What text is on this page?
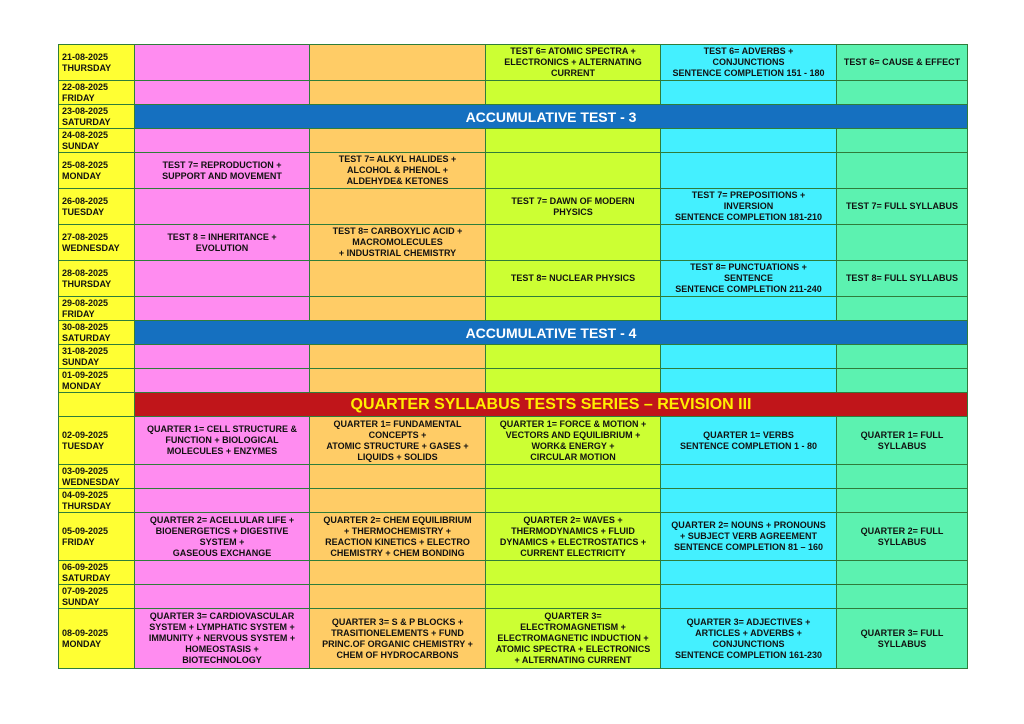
21-08-2025
THURSDAY			TEST 6= ATOMIC SPECTRA +
ELECTRONICS + ALTERNATING
CURRENT	TEST 6= ADVERBS +
CONJUNCTIONS
SENTENCE COMPLETION 151 - 180	TEST 6= CAUSE & EFFECT

22-08-2025
FRIDAY					

23-08-2025
SATURDAY	ACCUMULATIVE TEST - 3				

24-08-2025
SUNDAY					

25-08-2025
MONDAY	TEST 7= REPRODUCTION +
SUPPORT AND MOVEMENT	TEST 7= ALKYL HALIDES +
ALCOHOL & PHENOL +
ALDEHYDE& KETONES			

26-08-2025
TUESDAY			TEST 7= DAWN OF MODERN
PHYSICS	TEST 7= PREPOSITIONS +
INVERSION
SENTENCE COMPLETION 181-210	TEST 7= FULL SYLLABUS

27-08-2025
WEDNESDAY	TEST 8 = INHERITANCE +
EVOLUTION	TEST 8= CARBOXYLIC ACID +
MACROMOLECULES
+ INDUSTRIAL CHEMISTRY			

28-08-2025
THURSDAY			TEST 8= NUCLEAR PHYSICS	TEST 8= PUNCTUATIONS +
SENTENCE
SENTENCE COMPLETION 211-240	TEST 8= FULL SYLLABUS

29-08-2025
FRIDAY					

30-08-2025
SATURDAY	ACCUMULATIVE TEST - 4				

31-08-2025
SUNDAY					

01-09-2025
MONDAY					

	QUARTER SYLLABUS TESTS SERIES – REVISION III				

02-09-2025
TUESDAY	QUARTER 1= CELL STRUCTURE &
FUNCTION + BIOLOGICAL
MOLECULES + ENZYMES	QUARTER 1= FUNDAMENTAL
CONCEPTS +
ATOMIC STRUCTURE + GASES +
LIQUIDS + SOLIDS	QUARTER 1= FORCE & MOTION +
VECTORS AND EQUILIBRIUM +
WORK& ENERGY +
CIRCULAR MOTION	QUARTER 1= VERBS
SENTENCE COMPLETION 1 - 80	QUARTER 1= FULL
SYLLABUS

03-09-2025
WEDNESDAY					

04-09-2025
THURSDAY					

05-09-2025
FRIDAY	QUARTER 2= ACELLULAR LIFE +
BIOENERGETICS + DIGESTIVE
SYSTEM +
GASEOUS EXCHANGE	QUARTER 2= CHEM EQUILIBRIUM
+ THERMOCHEMISTRY +
REACTION KINETICS + ELECTRO
CHEMISTRY + CHEM BONDING	QUARTER 2= WAVES +
THERMODYNAMICS + FLUID
DYNAMICS + ELECTROSTATICS +
CURRENT ELECTRICITY	QUARTER 2= NOUNS + PRONOUNS
+ SUBJECT VERB AGREEMENT
SENTENCE COMPLETION 81 – 160	QUARTER 2= FULL
SYLLABUS

06-09-2025
SATURDAY					

07-09-2025
SUNDAY					

08-09-2025
MONDAY	QUARTER 3= CARDIOVASCULAR
SYSTEM + LYMPHATIC SYSTEM +
IMMUNITY + NERVOUS SYSTEM +
HOMEOSTASIS +
BIOTECHNOLOGY	QUARTER 3= S & P BLOCKS +
TRASITIONELEMENTS + FUND
PRINC.OF ORGANIC CHEMISTRY +
CHEM OF HYDROCARBONS	QUARTER 3=
ELECTROMAGNETISM +
ELECTROMAGNETIC INDUCTION +
ATOMIC SPECTRA + ELECTRONICS
+ ALTERNATING CURRENT	QUARTER 3= ADJECTIVES +
ARTICLES + ADVERBS +
CONJUNCTIONS
SENTENCE COMPLETION 161-230	QUARTER 3= FULL
SYLLABUS
